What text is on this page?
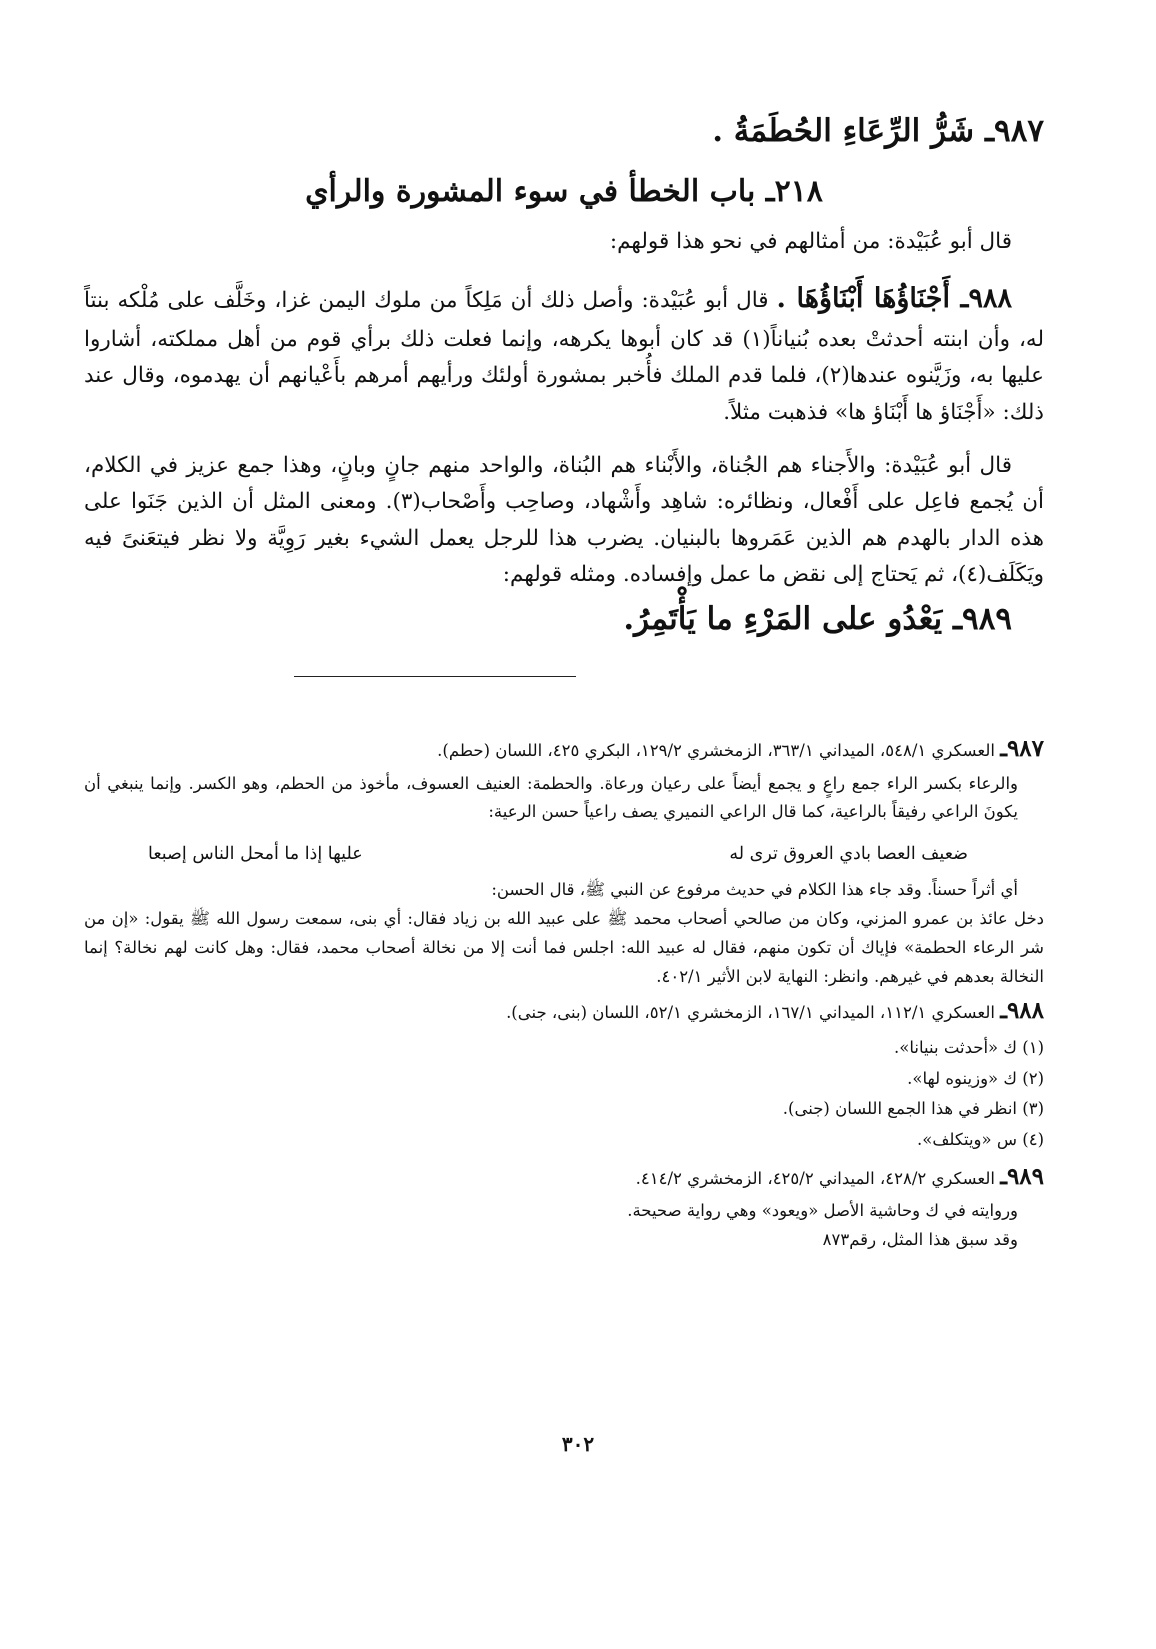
٩٨٧ـ شَرُّ الرِّعَاءِ الحُطَمَةُ .
٢١٨ـ باب الخطأ في سوء المشورة والرأي

قال أبو عُبَيْدة: من أمثالهم في نحو هذا قولهم:

٩٨٨ـ أَجْنَاؤُهَا أَبْنَاؤُهَا . قال أبو عُبَيْدة: وأصل ذلك أن مَلِكاً من ملوك اليمن غزا، وخَلَّف على مُلْكه بنتاً له، وأن ابنته أحدثتْ بعده بُنياناً(١) قد كان أبوها يكرهه، وإنما فعلت ذلك برأي قوم من أهل مملكته، أشاروا عليها به، وزَيَّنوه عندها(٢)، فلما قدم الملك فأُخبر بمشورة أولئك ورأيهم أمرهم بأَعْيانهم أن يهدموه، وقال عند ذلك: «أَجْنَاؤ ها أَبْنَاؤ ها» فذهبت مثلاً.

قال أبو عُبَيْدة: والأَجناء هم الجُناة، والأَبْناء هم البُناة، والواحد منهم جانٍ وبانٍ، وهذا جمع عزيز في الكلام، أن يُجمع فاعِل على أَفْعال، ونظائره: شاهِد وأَشْهاد، وصاحِب وأَصْحاب(٣). ومعنى المثل أن الذين جَنَوا على هذه الدار بالهدم هم الذين عَمَروها بالبنيان. يضرب هذا للرجل يعمل الشيء بغير رَوِيَّة ولا نظر فيتعَنىً فيه ويَكَلَف(٤)، ثم يَحتاج إلى نقض ما عمل وإفساده. ومثله قولهم:

٩٨٩ـ يَعْدُو على المَرْءِ ما يَأْتَمِرُ.

٩٨٧ـ العسكري ٥٤٨/١، الميداني ٣٦٣/١، الزمخشري ١٢٩/٢، البكري ٤٢٥، اللسان (حطم).

والرعاء بكسر الراء جمع راعٍ و يجمع أيضاً على رعيان ورعاة. والحطمة: العنيف العسوف، مأخوذ من الحطم، وهو الكسر. وإنما ينبغي أن يكونَ الراعي رفيقاً بالراعية، كما قال الراعي النميري يصف راعياً حسن الرعية:

ضعيف العصا بادي العروق ترى له
عليها إذا ما أمحل الناس إصبعا

أي أثراً حسناً. وقد جاء هذا الكلام في حديث مرفوع عن النبي ﷺ، قال الحسن:

دخل عائذ بن عمرو المزني، وكان من صالحي أصحاب محمد ﷺ على عبيد الله بن زياد فقال: أي بنى، سمعت رسول الله ﷺ يقول: «إن من شر الرعاء الحطمة» فإياك أن تكون منهم، فقال له عبيد الله: اجلس فما أنت إلا من نخالة أصحاب محمد، فقال: وهل كانت لهم نخالة؟ إنما النخالة بعدهم في غيرهم. وانظر: النهاية لابن الأثير ٤٠٢/١.

٩٨٨ـ العسكري ١١٢/١، الميداني ١٦٧/١، الزمخشري ٥٢/١، اللسان (بنى، جنى).

(١) ك «أحدثت بنيانا».

(٢) ك «وزينوه لها».

(٣) انظر في هذا الجمع اللسان (جنى).

(٤) س «ويتكلف».

٩٨٩ـ العسكري ٤٢٨/٢، الميداني ٤٢٥/٢، الزمخشري ٤١٤/٢.

وروايته في ك وحاشية الأصل «ويعود» وهي رواية صحيحة.

وقد سبق هذا المثل، رقم٨٧٣

٣٠٢
